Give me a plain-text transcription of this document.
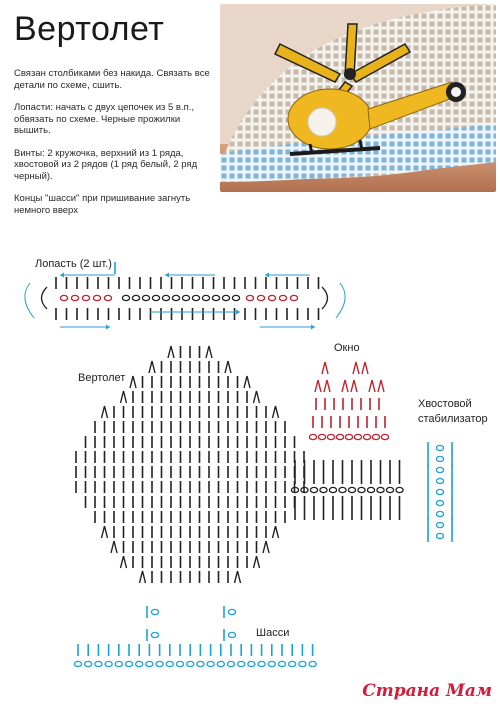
Вертолет

Связан столбиками без накида. Связать все детали по схеме, сшить.

Лопасти: начать с двух цепочек из 5 в.п., обвязать по схеме. Черные прожилки вышить.

Винты: 2 кружочка, верхний из 1 ряда, хвостовой из 2 рядов (1 ряд белый, 2 ряд черный).

Концы "шасси" при пришивание загнуть немного вверх

Лопасть (2 шт.)
Окно
Вертолет
Хвостовой
стабилизатор
Шасси
Страна Мам
